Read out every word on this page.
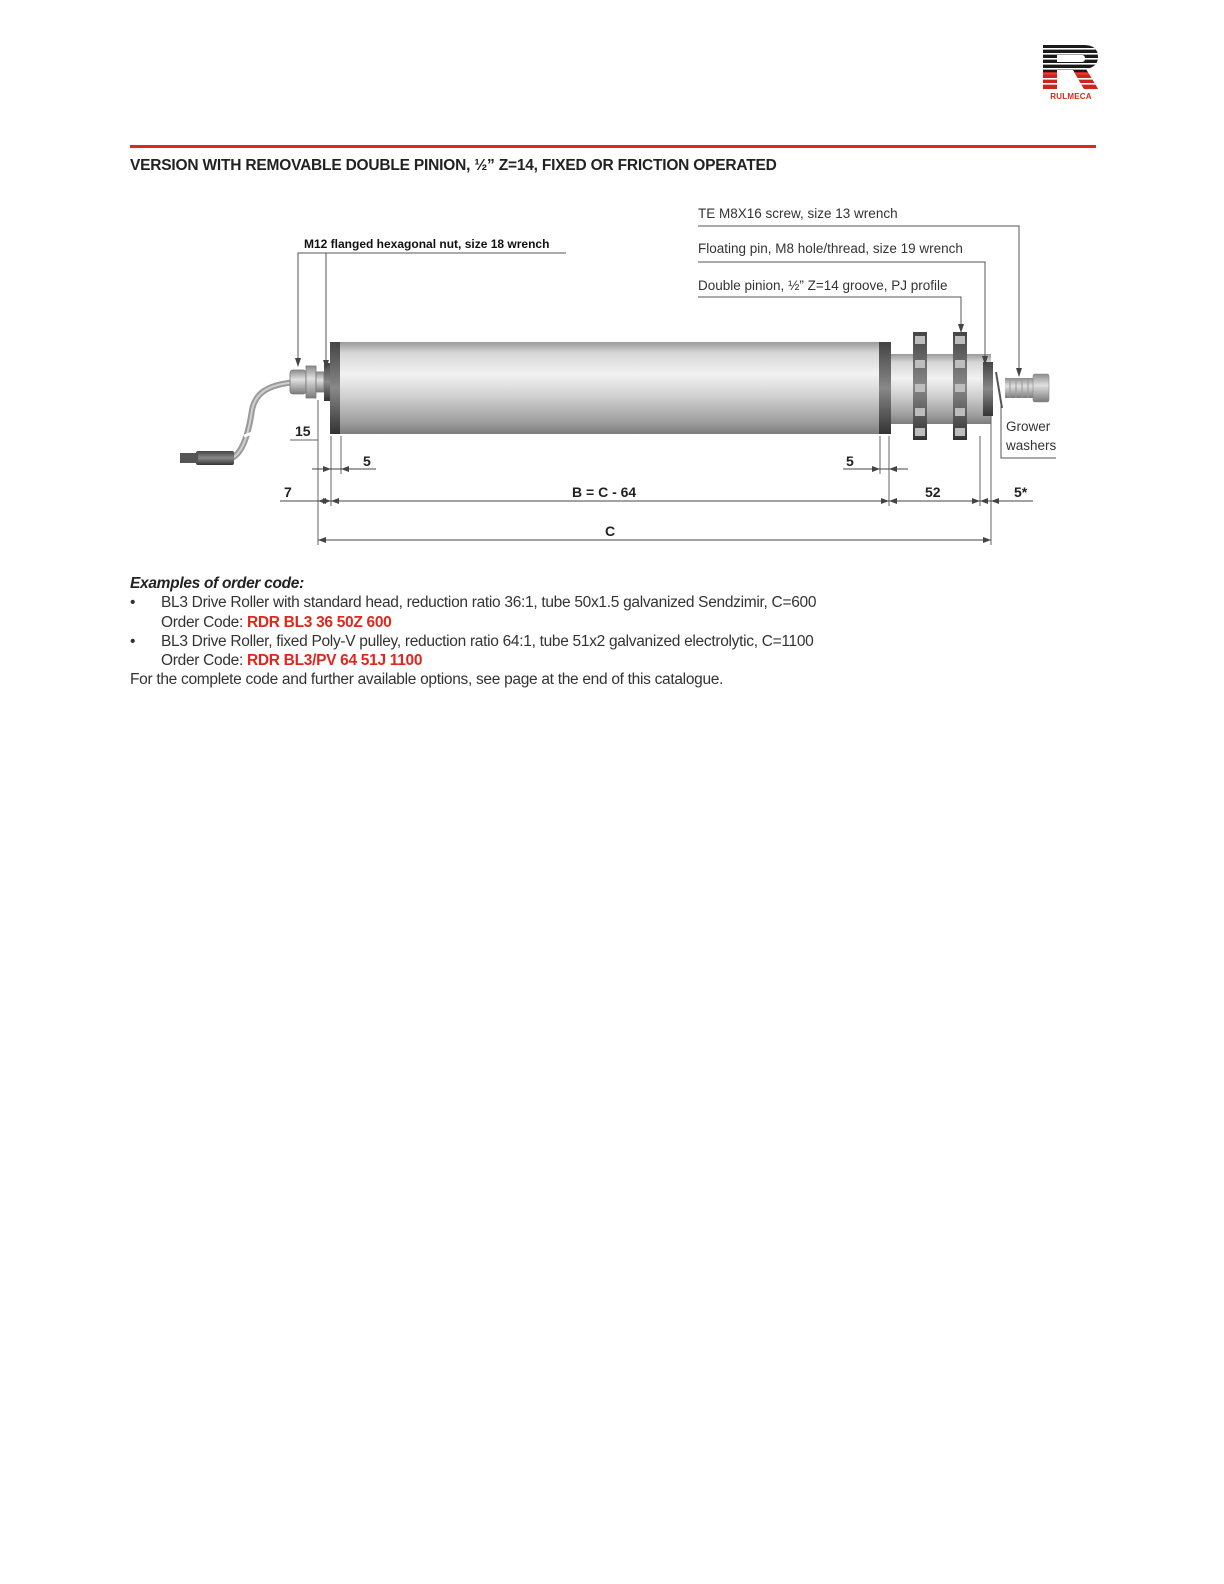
RULMECA
VERSION WITH REMOVABLE DOUBLE PINION, ½” Z=14, FIXED OR FRICTION OPERATED
M12 flanged hexagonal nut, size 18 wrench
TE M8X16 screw, size 13 wrench
Floating pin, M8 hole/thread, size 19 wrench
Double pinion, ½” Z=14 groove, PJ profile
Grower
washers
15
5	5
7	B = C - 64	52	5*
C
Examples of order code:
•	BL3 Drive Roller with standard head, reduction ratio 36:1, tube 50x1.5 galvanized Sendzimir, C=600
Order Code: RDR BL3 36 50Z 600
•	BL3 Drive Roller, fixed Poly-V pulley, reduction ratio 64:1, tube 51x2 galvanized electrolytic, C=1100
Order Code: RDR BL3/PV 64 51J 1100
For the complete code and further available options, see page at the end of this catalogue.
